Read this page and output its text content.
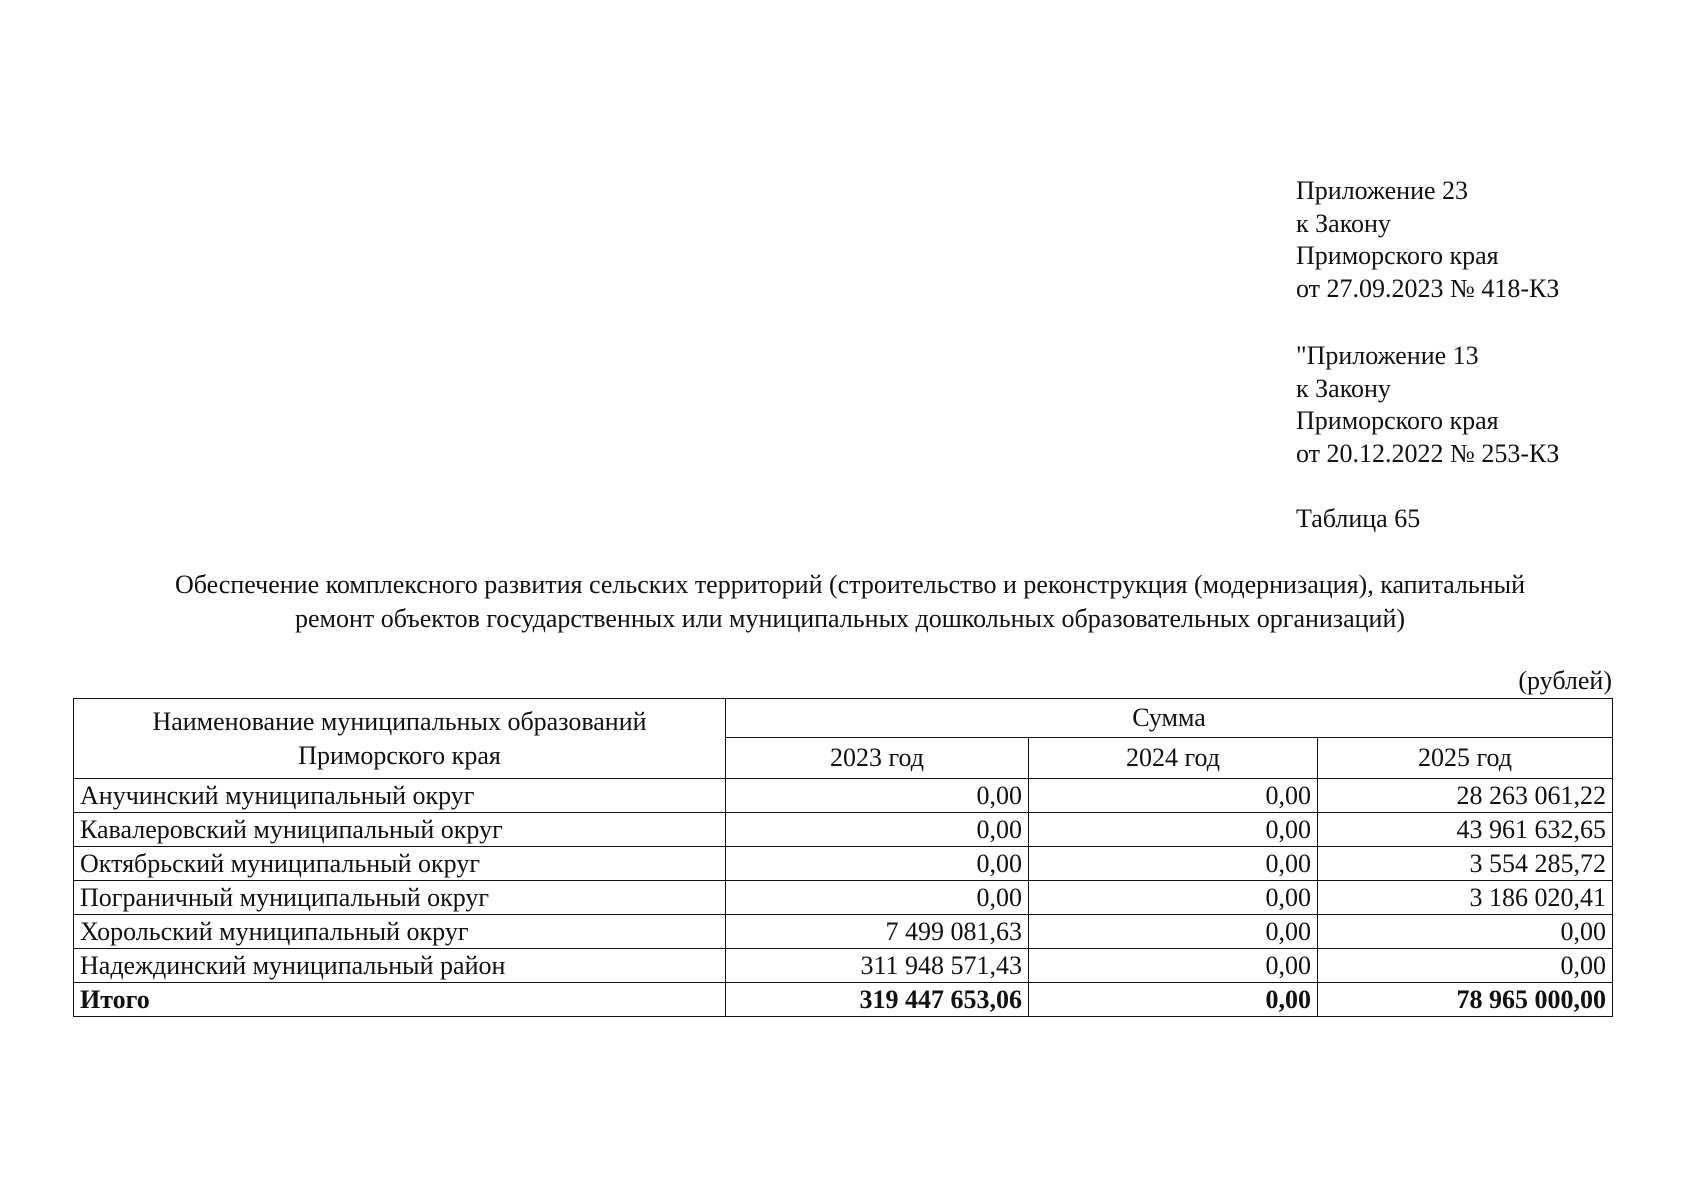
Приложение 23
к Закону
Приморского края
от 27.09.2023 № 418-КЗ
"Приложение 13
к Закону
Приморского края
от 20.12.2022 № 253-КЗ
Таблица 65
Обеспечение комплексного развития сельских территорий (строительство и реконструкция (модернизация), капитальный
ремонт объектов государственных или муниципальных дошкольных образовательных организаций)
(рублей)
Наименование муниципальных образований
Приморского края	Сумма		
	2023 год	2024 год	2025 год
Анучинский муниципальный округ	0,00	0,00	28 263 061,22
Кавалеровский муниципальный округ	0,00	0,00	43 961 632,65
Октябрьский муниципальный округ	0,00	0,00	3 554 285,72
Пограничный муниципальный округ	0,00	0,00	3 186 020,41
Хорольский муниципальный округ	7 499 081,63	0,00	0,00
Надеждинский муниципальный район	311 948 571,43	0,00	0,00
Итого	319 447 653,06	0,00	78 965 000,00
